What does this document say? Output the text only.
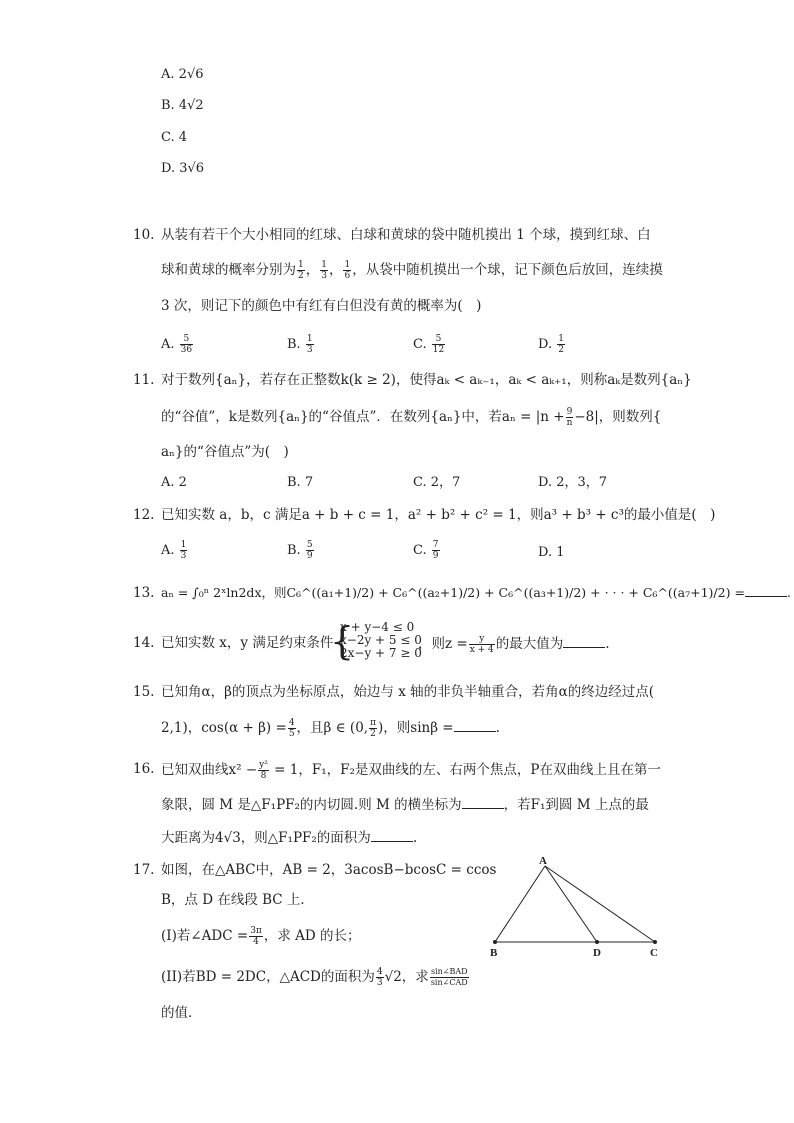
A. 2√6
B. 4√2
C. 4
D. 3√6
10. 从装有若干个大小相同的红球、白球和黄球的袋中随机摸出 1 个球，摸到红球、白
球和黄球的概率分别为 $\frac{1}{2}$ ， $\frac{1}{3}$ ， $\frac{1}{6}$ ，从袋中随机摸出一个球，记下颜色后放回，连续摸
3 次，则记下的颜色中有红有白但没有黄的概率为(　)
A. $\frac{5}{36}$	B. $\frac{1}{3}$	C. $\frac{5}{12}$	D. $\frac{1}{2}$
11. 对于数列{aₙ}，若存在正整数k(k ≥ 2)，使得aₖ < aₖ₋₁，aₖ < aₖ₊₁，则称aₖ是数列{aₙ}
的“谷值”，k是数列{aₙ}的“谷值点”．在数列{aₙ}中，若$a_n = |n + \frac{9}{n} -8|$，则数列{
aₙ}的“谷值点”为(　)
A. 2	B. 7	C. 2，7	D. 2，3，7
12. 已知实数 a，b，c 满足a + b + c = 1，a² + b² + c² = 1，则a³ + b³ + c³的最小值是(　)
A. $\frac{1}{3}$	B. $\frac{5}{9}$	C. $\frac{7}{9}$	D. 1
13. aₙ = ∫₀ⁿ 2ˣln2dx，则C₆^((a₁+1)/2) + C₆^((a₂+1)/2) + C₆^((a₃+1)/2) + · · · + C₆^((a₇+1)/2) =	.
14. 已知实数 x，y 满足约束条件
{
x + y−4 ≤ 0
x−2y + 5 ≤ 0
2x−y + 7 ≥ 0
，则$z = \frac{y}{x + 4}$ 的最大值为	.
15. 已知角α，β的顶点为坐标原点，始边与 x 轴的非负半轴重合，若角α的终边经过点(
2,1)，$\cos(\alpha + \beta) = \frac{4}{5}$ ，且β ∈ (0, $\frac{\pi}{2}$ )，则sinβ =	.
16. 已知双曲线$x^2 - \frac{\text{y²}}{8} = 1$，F₁，F₂是双曲线的左、右两个焦点，P在双曲线上且在第一
象限，圆 M 是△F₁PF₂的内切圆.则 M 的横坐标为	，若F₁到圆 M 上点的最
大距离为4√3，则△F₁PF₂的面积为	.
17. 如图，在△ABC中，AB = 2，3acosB−bcosC = ccos
B，点 D 在线段 BC 上．
(I)若∠ADC = $\frac{3\pi}{4}$ ，求 AD 的长；
(II)若BD = 2DC，△ACD的面积为 $\frac{4}{3} √2$，求 $\frac{\text{sin∠BAD}}{\text{sin∠CAD}}$
的值．
A
B	D	C
